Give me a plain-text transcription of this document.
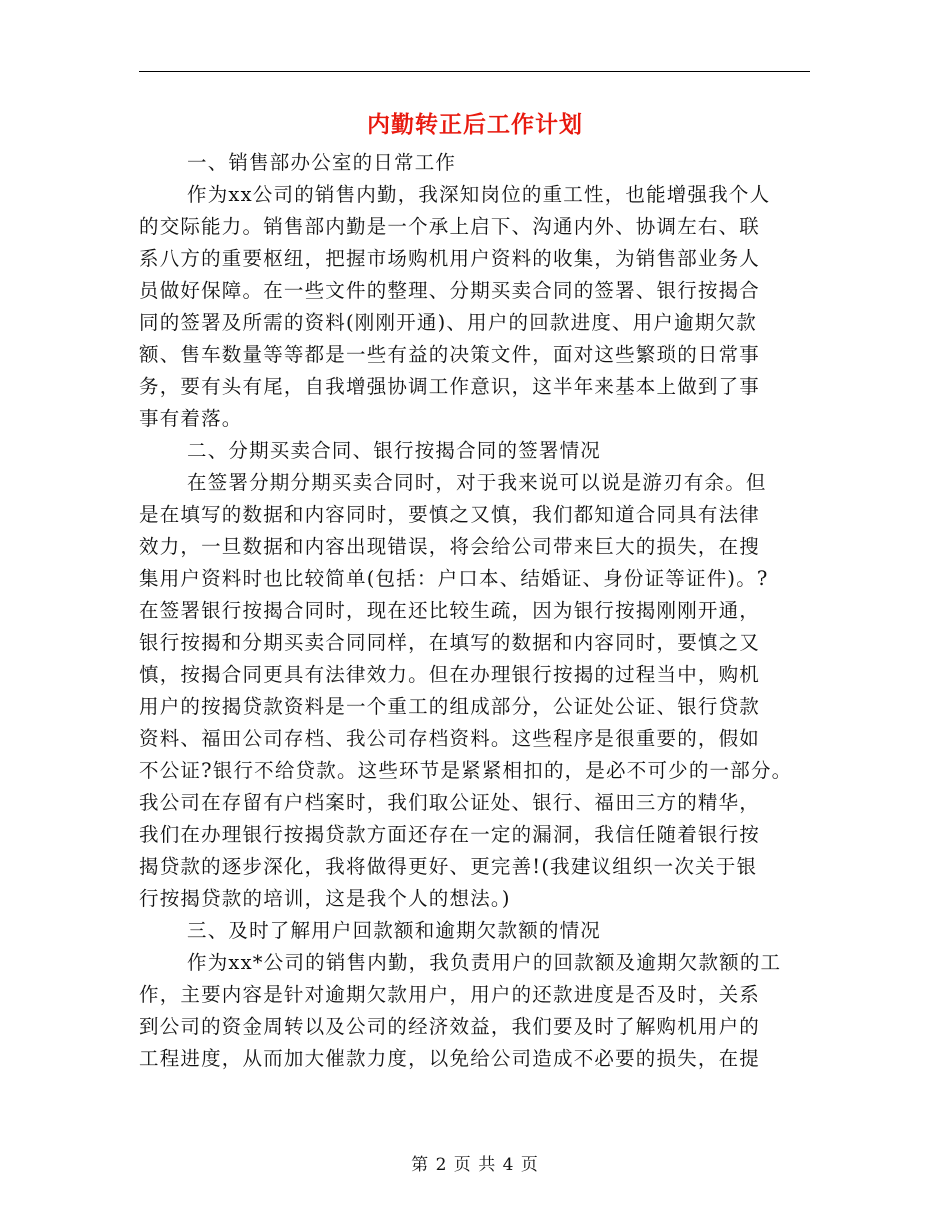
内勤转正后工作计划
一、销售部办公室的日常工作
作为xx公司的销售内勤，我深知岗位的重工性，也能增强我个人
的交际能力。销售部内勤是一个承上启下、沟通内外、协调左右、联
系八方的重要枢纽，把握市场购机用户资料的收集，为销售部业务人
员做好保障。在一些文件的整理、分期买卖合同的签署、银行按揭合
同的签署及所需的资料(刚刚开通)、用户的回款进度、用户逾期欠款
额、售车数量等等都是一些有益的决策文件，面对这些繁琐的日常事
务，要有头有尾，自我增强协调工作意识，这半年来基本上做到了事
事有着落。
二、分期买卖合同、银行按揭合同的签署情况
在签署分期分期买卖合同时，对于我来说可以说是游刃有余。但
是在填写的数据和内容同时，要慎之又慎，我们都知道合同具有法律
效力，一旦数据和内容出现错误，将会给公司带来巨大的损失，在搜
集用户资料时也比较简单(包括：户口本、结婚证、身份证等证件)。?
在签署银行按揭合同时，现在还比较生疏，因为银行按揭刚刚开通，
银行按揭和分期买卖合同同样，在填写的数据和内容同时，要慎之又
慎，按揭合同更具有法律效力。但在办理银行按揭的过程当中，购机
用户的按揭贷款资料是一个重工的组成部分，公证处公证、银行贷款
资料、福田公司存档、我公司存档资料。这些程序是很重要的，假如
不公证?银行不给贷款。这些环节是紧紧相扣的，是必不可少的一部分。
我公司在存留有户档案时，我们取公证处、银行、福田三方的精华，
我们在办理银行按揭贷款方面还存在一定的漏洞，我信任随着银行按
揭贷款的逐步深化，我将做得更好、更完善!(我建议组织一次关于银
行按揭贷款的培训，这是我个人的想法。)
三、及时了解用户回款额和逾期欠款额的情况
作为xx*公司的销售内勤，我负责用户的回款额及逾期欠款额的工
作，主要内容是针对逾期欠款用户，用户的还款进度是否及时，关系
到公司的资金周转以及公司的经济效益，我们要及时了解购机用户的
工程进度，从而加大催款力度，以免给公司造成不必要的损失，在提
第 2 页 共 4 页
